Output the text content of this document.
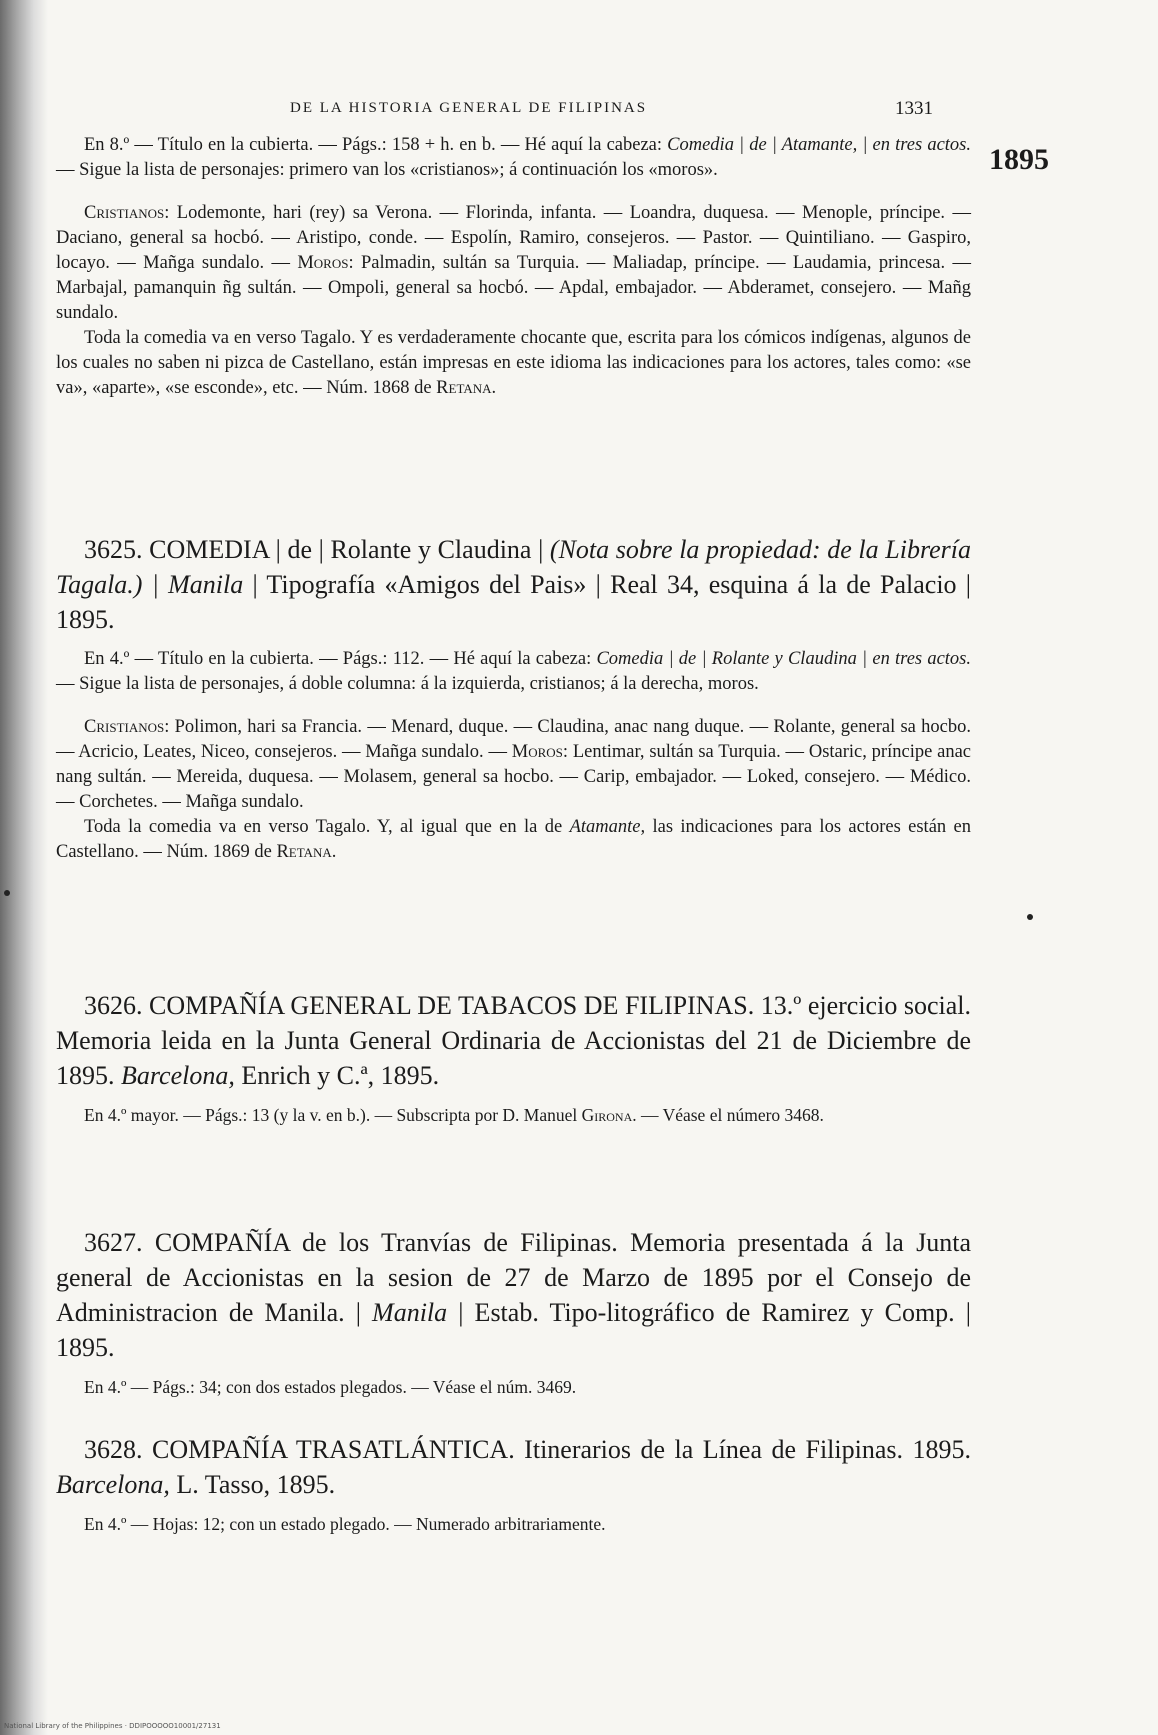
DE LA HISTORIA GENERAL DE FILIPINAS	1331
1895

En 8.º — Título en la cubierta. — Págs.: 158 + h. en b. — Hé aquí la cabeza: Comedia | de | Atamante, | en tres actos. — Sigue la lista de personajes: primero van los «cristianos»; á continuación los «moros».

Cristianos: Lodemonte, hari (rey) sa Verona. — Florinda, infanta. — Loandra, duquesa. — Menople, príncipe. — Daciano, general sa hocbó. — Aristipo, conde. — Espolín, Ramiro, consejeros. — Pastor. — Quintiliano. — Gaspiro, locayo. — Mañga sundalo. — Moros: Palmadin, sultán sa Turquia. — Maliadap, príncipe. — Laudamia, princesa. — Marbajal, pamanquin ñg sultán. — Ompoli, general sa hocbó. — Apdal, embajador. — Abderamet, consejero. — Mañg sundalo.

Toda la comedia va en verso Tagalo. Y es verdaderamente chocante que, escrita para los cómicos indígenas, algunos de los cuales no saben ni pizca de Castellano, están impresas en este idioma las indicaciones para los actores, tales como: «se va», «aparte», «se esconde», etc. — Núm. 1868 de Retana.

3625. COMEDIA | de | Rolante y Claudina | (Nota sobre la propiedad: de la Librería Tagala.) | Manila | Tipografía «Amigos del Pais» | Real 34, esquina á la de Palacio | 1895.

En 4.º — Título en la cubierta. — Págs.: 112. — Hé aquí la cabeza: Comedia | de | Rolante y Claudina | en tres actos. — Sigue la lista de personajes, á doble columna: á la izquierda, cristianos; á la derecha, moros.

Cristianos: Polimon, hari sa Francia. — Menard, duque. — Claudina, anac nang duque. — Rolante, general sa hocbo. — Acricio, Leates, Niceo, consejeros. — Mañga sundalo. — Moros: Lentimar, sultán sa Turquia. — Ostaric, príncipe anac nang sultán. — Mereida, duquesa. — Molasem, general sa hocbo. — Carip, embajador. — Loked, consejero. — Médico. — Corchetes. — Mañga sundalo.

Toda la comedia va en verso Tagalo. Y, al igual que en la de Atamante, las indicaciones para los actores están en Castellano. — Núm. 1869 de Retana.

3626. COMPAÑÍA GENERAL DE TABACOS DE FILIPINAS. 13.º ejercicio social. Memoria leida en la Junta General Ordinaria de Accionistas del 21 de Diciembre de 1895. Barcelona, Enrich y C.ª, 1895.

En 4.º mayor. — Págs.: 13 (y la v. en b.). — Subscripta por D. Manuel Girona. — Véase el número 3468.

3627. COMPAÑÍA de los Tranvías de Filipinas. Memoria presentada á la Junta general de Accionistas en la sesion de 27 de Marzo de 1895 por el Consejo de Administracion de Manila. | Manila | Estab. Tipo-litográfico de Ramirez y Comp. | 1895.

En 4.º — Págs.: 34; con dos estados plegados. — Véase el núm. 3469.

3628. COMPAÑÍA TRASATLÁNTICA. Itinerarios de la Línea de Filipinas. 1895. Barcelona, L. Tasso, 1895.

En 4.º — Hojas: 12; con un estado plegado. — Numerado arbitrariamente.

National Library of the Philippines · DDIPOOOOO10001/27131
